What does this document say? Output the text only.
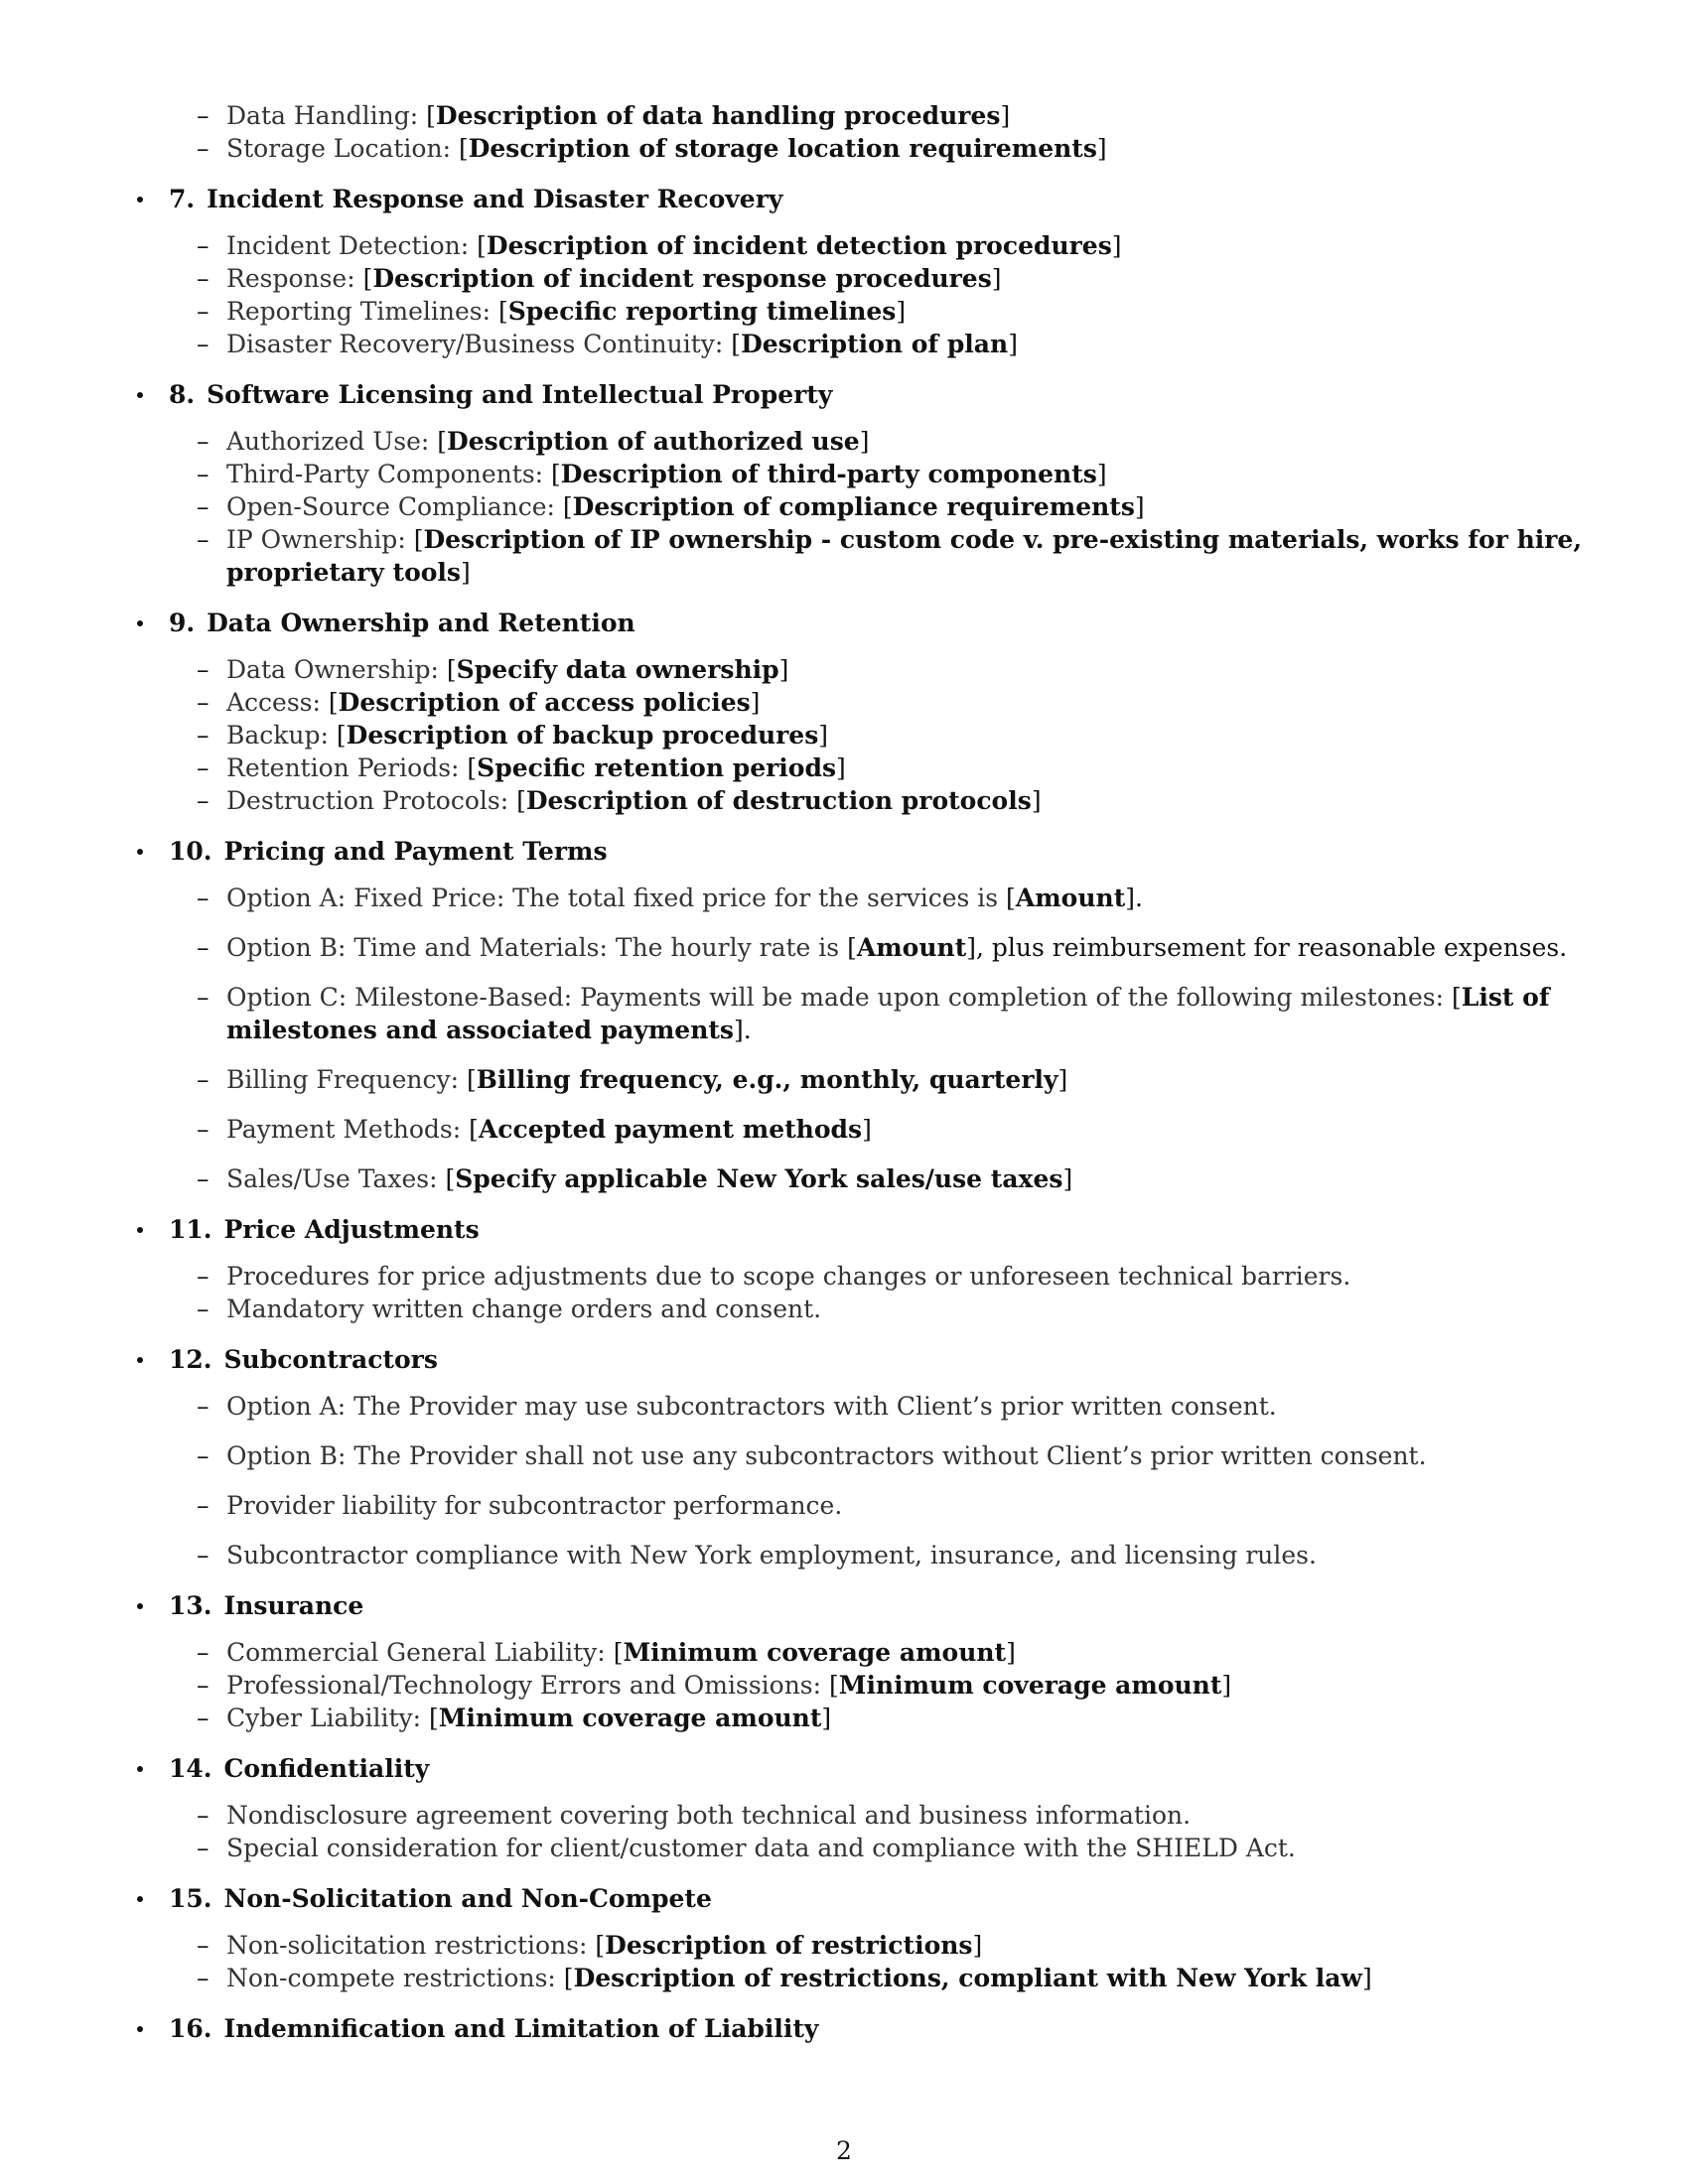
– Data Handling: [Description of data handling procedures]
– Storage Location: [Description of storage location requirements]
7. Incident Response and Disaster Recovery
– Incident Detection: [Description of incident detection procedures]
– Response: [Description of incident response procedures]
– Reporting Timelines: [Specific reporting timelines]
– Disaster Recovery/Business Continuity: [Description of plan]
8. Software Licensing and Intellectual Property
– Authorized Use: [Description of authorized use]
– Third-Party Components: [Description of third-party components]
– Open-Source Compliance: [Description of compliance requirements]
– IP Ownership: [Description of IP ownership - custom code v. pre-existing materials, works for hire, proprietary tools]
9. Data Ownership and Retention
– Data Ownership: [Specify data ownership]
– Access: [Description of access policies]
– Backup: [Description of backup procedures]
– Retention Periods: [Specific retention periods]
– Destruction Protocols: [Description of destruction protocols]
10. Pricing and Payment Terms
– Option A: Fixed Price: The total fixed price for the services is [Amount].
– Option B: Time and Materials: The hourly rate is [Amount], plus reimbursement for reasonable expenses.
– Option C: Milestone-Based: Payments will be made upon completion of the following milestones: [List of milestones and associated payments].
– Billing Frequency: [Billing frequency, e.g., monthly, quarterly]
– Payment Methods: [Accepted payment methods]
– Sales/Use Taxes: [Specify applicable New York sales/use taxes]
11. Price Adjustments
– Procedures for price adjustments due to scope changes or unforeseen technical barriers.
– Mandatory written change orders and consent.
12. Subcontractors
– Option A: The Provider may use subcontractors with Client’s prior written consent.
– Option B: The Provider shall not use any subcontractors without Client’s prior written consent.
– Provider liability for subcontractor performance.
– Subcontractor compliance with New York employment, insurance, and licensing rules.
13. Insurance
– Commercial General Liability: [Minimum coverage amount]
– Professional/Technology Errors and Omissions: [Minimum coverage amount]
– Cyber Liability: [Minimum coverage amount]
14. Confidentiality
– Nondisclosure agreement covering both technical and business information.
– Special consideration for client/customer data and compliance with the SHIELD Act.
15. Non-Solicitation and Non-Compete
– Non-solicitation restrictions: [Description of restrictions]
– Non-compete restrictions: [Description of restrictions, compliant with New York law]
16. Indemnification and Limitation of Liability
2
